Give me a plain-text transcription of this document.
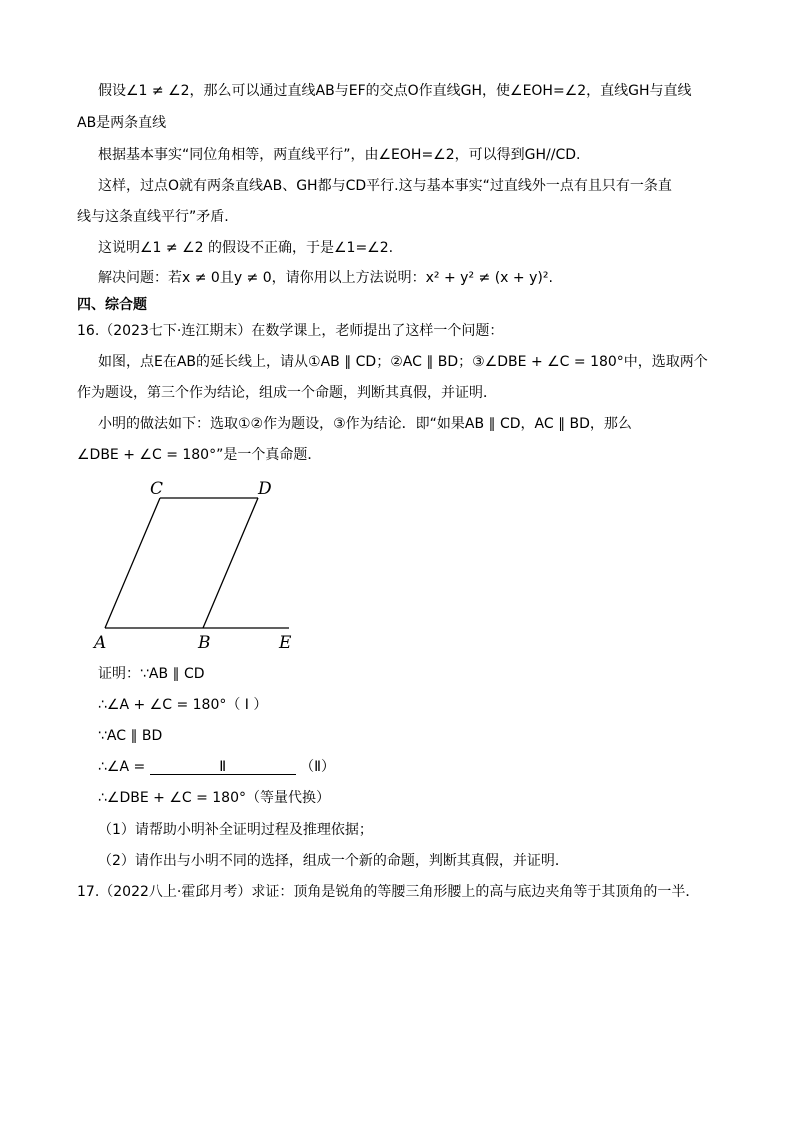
假设∠1 ≠ ∠2，那么可以通过直线AB与EF的交点O作直线GH，使∠EOH=∠2，直线GH与直线
AB是两条直线
根据基本事实“同位角相等，两直线平行”，由∠EOH=∠2，可以得到GH//CD.
这样，过点O就有两条直线AB、GH都与CD平行.这与基本事实“过直线外一点有且只有一条直
线与这条直线平行”矛盾.
这说明∠1 ≠ ∠2 的假设不正确，于是∠1=∠2.
解决问题：若x ≠ 0且y ≠ 0，请你用以上方法说明：x² + y² ≠ (x + y)².
四、综合题
16.（2023七下·连江期末）在数学课上，老师提出了这样一个问题：
如图，点E在AB的延长线上，请从①AB ∥ CD；②AC ∥ BD；③∠DBE + ∠C = 180°中，选取两个
作为题设，第三个作为结论，组成一个命题，判断其真假，并证明．
小明的做法如下：选取①②作为题设，③作为结论．即“如果AB ∥ CD，AC ∥ BD，那么
∠DBE + ∠C = 180°”是一个真命题．
C	D
A	B	E
证明：∵AB ∥ CD
∴∠A + ∠C = 180°（ Ⅰ ）
∵AC ∥ BD
∴∠A =	Ⅱ	（Ⅱ）
∴∠DBE + ∠C = 180°（等量代换）
（1）请帮助小明补全证明过程及推理依据；
（2）请作出与小明不同的选择，组成一个新的命题，判断其真假，并证明．
17.（2022八上·霍邱月考）求证：顶角是锐角的等腰三角形腰上的高与底边夹角等于其顶角的一半．
